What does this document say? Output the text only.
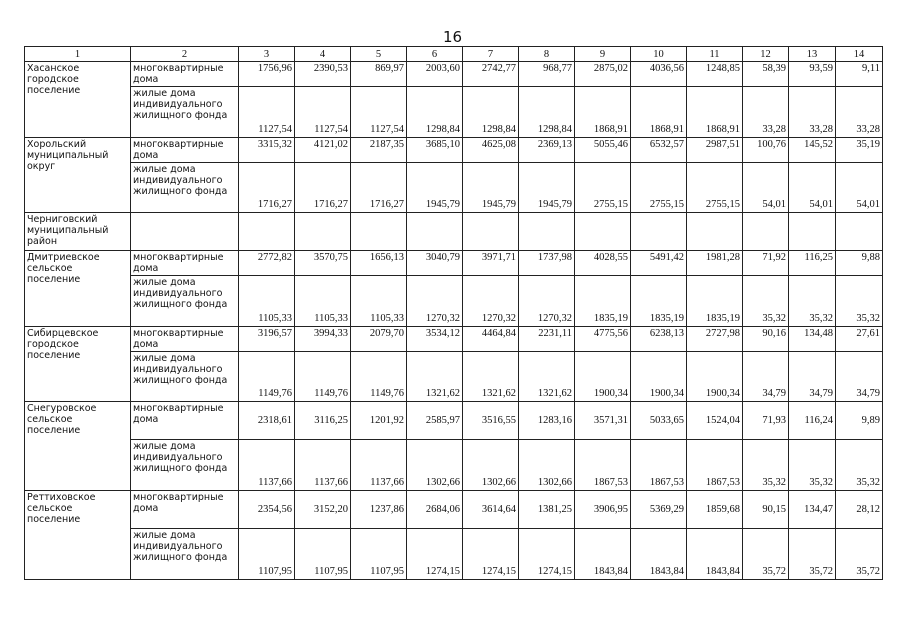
16
1	2	3	4	5	6	7	8	9	10	11	12	13	14
Хасанское городское поселение	многоквартирные дома	1756,96	2390,53	869,97	2003,60	2742,77	968,77	2875,02	4036,56	1248,85	58,39	93,59	9,11
	жилые дома индивидуального жилищного фонда	1127,54	1127,54	1127,54	1298,84	1298,84	1298,84	1868,91	1868,91	1868,91	33,28	33,28	33,28
Хорольский муниципальный округ	многоквартирные дома	3315,32	4121,02	2187,35	3685,10	4625,08	2369,13	5055,46	6532,57	2987,51	100,76	145,52	35,19
	жилые дома индивидуального жилищного фонда	1716,27	1716,27	1716,27	1945,79	1945,79	1945,79	2755,15	2755,15	2755,15	54,01	54,01	54,01
Черниговский муниципальный район													
Дмитриевское сельское поселение	многоквартирные дома	2772,82	3570,75	1656,13	3040,79	3971,71	1737,98	4028,55	5491,42	1981,28	71,92	116,25	9,88
	жилые дома индивидуального жилищного фонда	1105,33	1105,33	1105,33	1270,32	1270,32	1270,32	1835,19	1835,19	1835,19	35,32	35,32	35,32
Сибирцевское городское поселение	многоквартирные дома	3196,57	3994,33	2079,70	3534,12	4464,84	2231,11	4775,56	6238,13	2727,98	90,16	134,48	27,61
	жилые дома индивидуального жилищного фонда	1149,76	1149,76	1149,76	1321,62	1321,62	1321,62	1900,34	1900,34	1900,34	34,79	34,79	34,79
Снегуровское сельское поселение	многоквартирные дома	2318,61	3116,25	1201,92	2585,97	3516,55	1283,16	3571,31	5033,65	1524,04	71,93	116,24	9,89
	жилые дома индивидуального жилищного фонда	1137,66	1137,66	1137,66	1302,66	1302,66	1302,66	1867,53	1867,53	1867,53	35,32	35,32	35,32
Реттиховское сельское поселение	многоквартирные дома	2354,56	3152,20	1237,86	2684,06	3614,64	1381,25	3906,95	5369,29	1859,68	90,15	134,47	28,12
	жилые дома индивидуального жилищного фонда	1107,95	1107,95	1107,95	1274,15	1274,15	1274,15	1843,84	1843,84	1843,84	35,72	35,72	35,72
